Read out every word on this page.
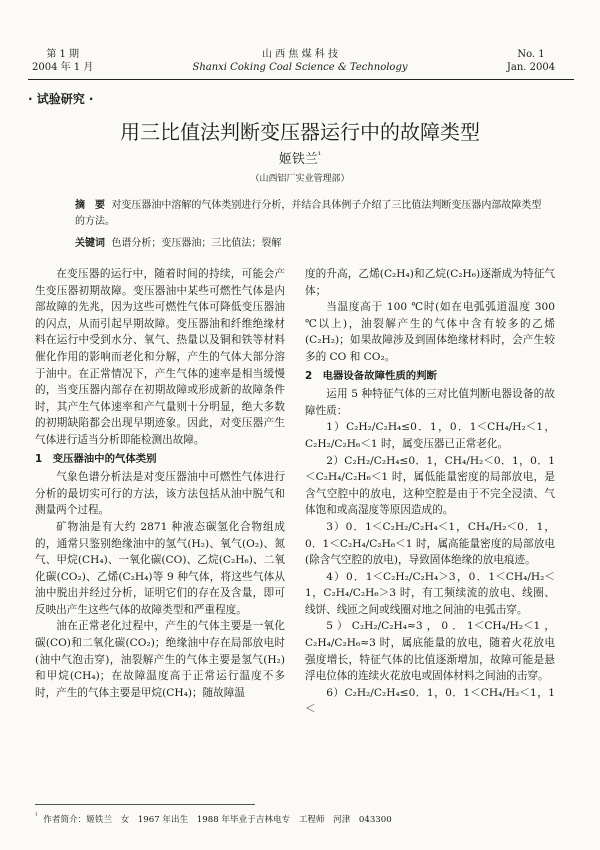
第 1 期
2004 年 1 月
山 西 焦 煤 科 技
Shanxi Coking Coal Science & Technology
No. 1
Jan. 2004
· 试验研究 ·
用三比值法判断变压器运行中的故障类型
姬铁兰$^{^1}$
（山西铝厂实业管理部）
摘　要 对变压器油中溶解的气体类别进行分析，并结合具体例子介绍了三比值法判断变压器内部故障类型的方法。
关键词 色谱分析；变压器油；三比值法；裂解

在变压器的运行中，随着时间的持续，可能会产生变压器初期故障。变压器油中某些可燃性气体是内部故障的先兆，因为这些可燃性气体可降低变压器油的闪点，从而引起早期故障。变压器油和纤维绝缘材料在运行中受到水分、氧气、热量以及铜和铁等材料催化作用的影响而老化和分解，产生的气体大部分溶于油中。在正常情况下，产生气体的速率是相当缓慢的，当变压器内部存在初期故障或形成新的故障条件时，其产生气体速率和产气量则十分明显，绝大多数的初期缺陷都会出现早期迹象。因此，对变压器产生气体进行适当分析即能检测出故障。

1　变压器油中的气体类别

气象色谱分析法是对变压器油中可燃性气体进行分析的最切实可行的方法，该方法包括从油中脱气和测量两个过程。

矿物油是有大约 2871 种液态碳氢化合物组成的，通常只鉴别绝缘油中的氢气(H₂)、氧气(O₂)、氮气、甲烷(CH₄)、一氧化碳(CO)、乙烷(C₂H₆)、二氧化碳(CO₂)、乙烯(C₂H₄)等 9 种气体，将这些气体从油中脱出并经过分析，证明它们的存在及含量，即可反映出产生这些气体的故障类型和严重程度。

油在正常老化过程中，产生的气体主要是一氧化碳(CO)和二氧化碳(CO₂)；绝缘油中存在局部放电时(油中气泡击穿)，油裂解产生的气体主要是氢气(H₂)和甲烷(CH₄)；在故障温度高于正常运行温度不多时，产生的气体主要是甲烷(CH₄)；随故障温

度的升高，乙烯(C₂H₄)和乙烷(C₂H₆)逐渐成为特征气体；

当温度高于 100 ℃时(如在电弧弧道温度 300 ℃以上)，油裂解产生的气体中含有较多的乙烯(C₂H₂)；如果故障涉及到固体绝缘材料时，会产生较多的 CO 和 CO₂。

2　电器设备故障性质的判断

运用 5 种特征气体的三对比值判断电器设备的故障性质：

1）C₂H₂/C₂H₄≤0．1，0．1＜CH₄/H₂＜1，C₂H₂/C₂H₆＜1 时，属变压器已正常老化。

2）C₂H₂/C₂H₄≤0．1，CH₄/H₂＜0．1，0．1＜C₂H₄/C₂H₆＜1 时，属低能量密度的局部放电，是含气空腔中的放电，这种空腔是由于不完全浸渍、气体饱和或高湿度等原因造成的。

3）0．1＜C₂H₂/C₂H₄＜1，CH₄/H₂＜0．1，0．1＜C₂H₄/C₂H₆＜1 时，属高能量密度的局部放电(除含气空腔的放电)，导致固体绝缘的放电痕迹。

4）0．1＜C₂H₂/C₂H₄＞3，0．1＜CH₄/H₂＜1，C₂H₄/C₂H₆＞3 时，有工频续流的放电、线圈、线饼、线匝之间或线圈对地之间油的电弧击穿。

5）C₂H₂/C₂H₄≈3，0．1＜CH₄/H₂＜1，C₂H₄/C₂H₆≈3 时，属底能量的放电，随着火花放电强度增长，特征气体的比值逐渐增加，故障可能是悬浮电位体的连续火花放电或固体材料之间油的击穿。

6）C₂H₂/C₂H₄≤0．1，0．1＜CH₄/H₂＜1，1＜

$^{^1}$ 作者简介：姬铁兰　女　1967 年出生　1988 年毕业于吉林电专　工程师　河津　043300
